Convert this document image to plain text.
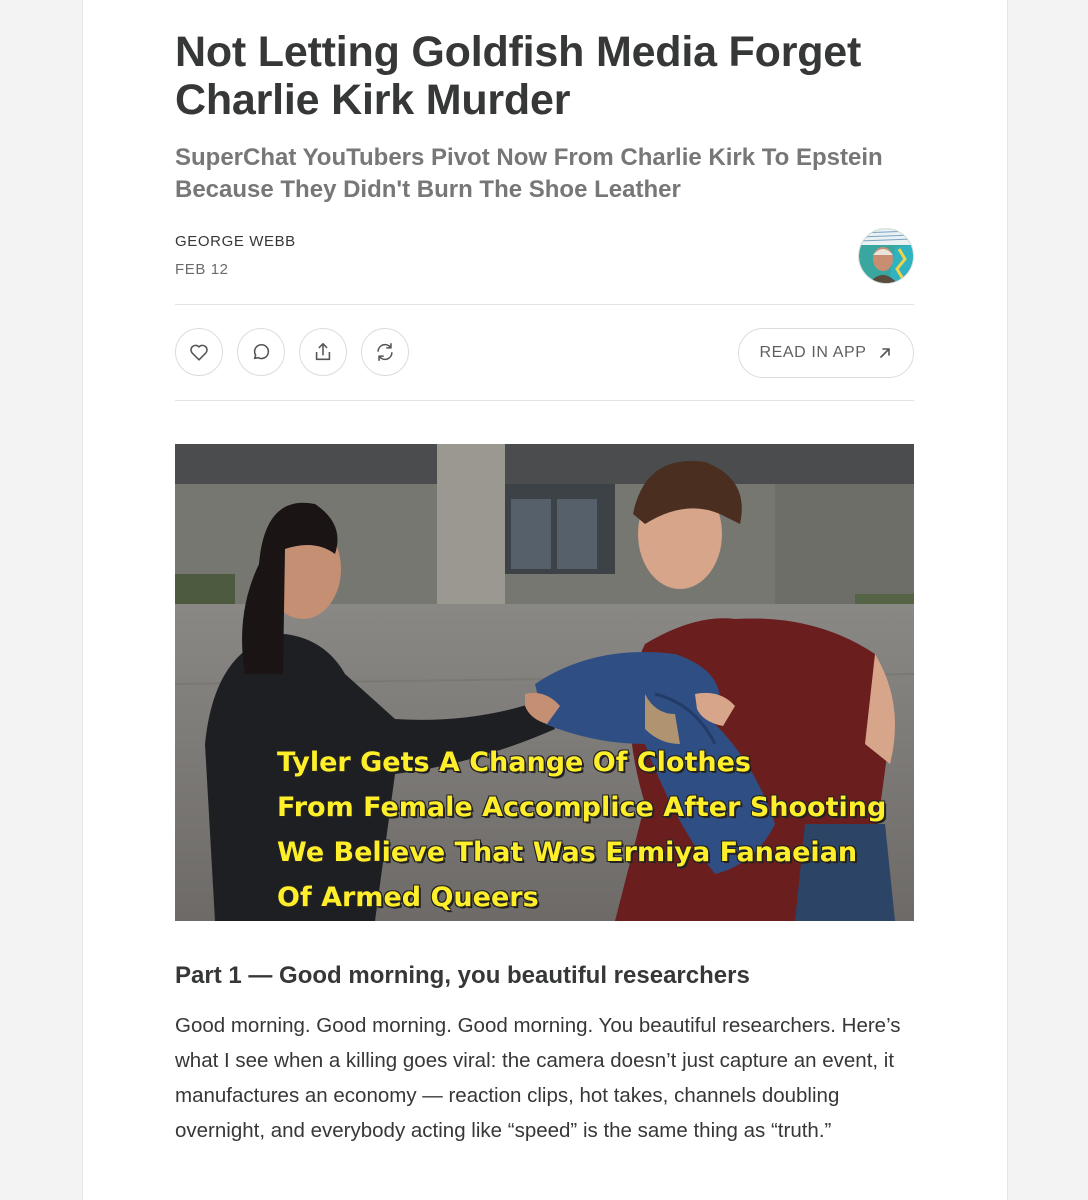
Not Letting Goldfish Media Forget Charlie Kirk Murder
SuperChat YouTubers Pivot Now From Charlie Kirk To Epstein Because They Didn't Burn The Shoe Leather
GEORGE WEBB
FEB 12
READ IN APP
Tyler Gets A Change Of Clothes
From Female Accomplice After Shooting
We Believe That Was Ermiya Fanaeian
Of Armed Queers
Part 1 — Good morning, you beautiful researchers

Good morning. Good morning. Good morning. You beautiful researchers. Here’s what I see when a killing goes viral: the camera doesn’t just capture an event, it manufactures an economy — reaction clips, hot takes, channels doubling overnight, and everybody acting like “speed” is the same thing as “truth.”
